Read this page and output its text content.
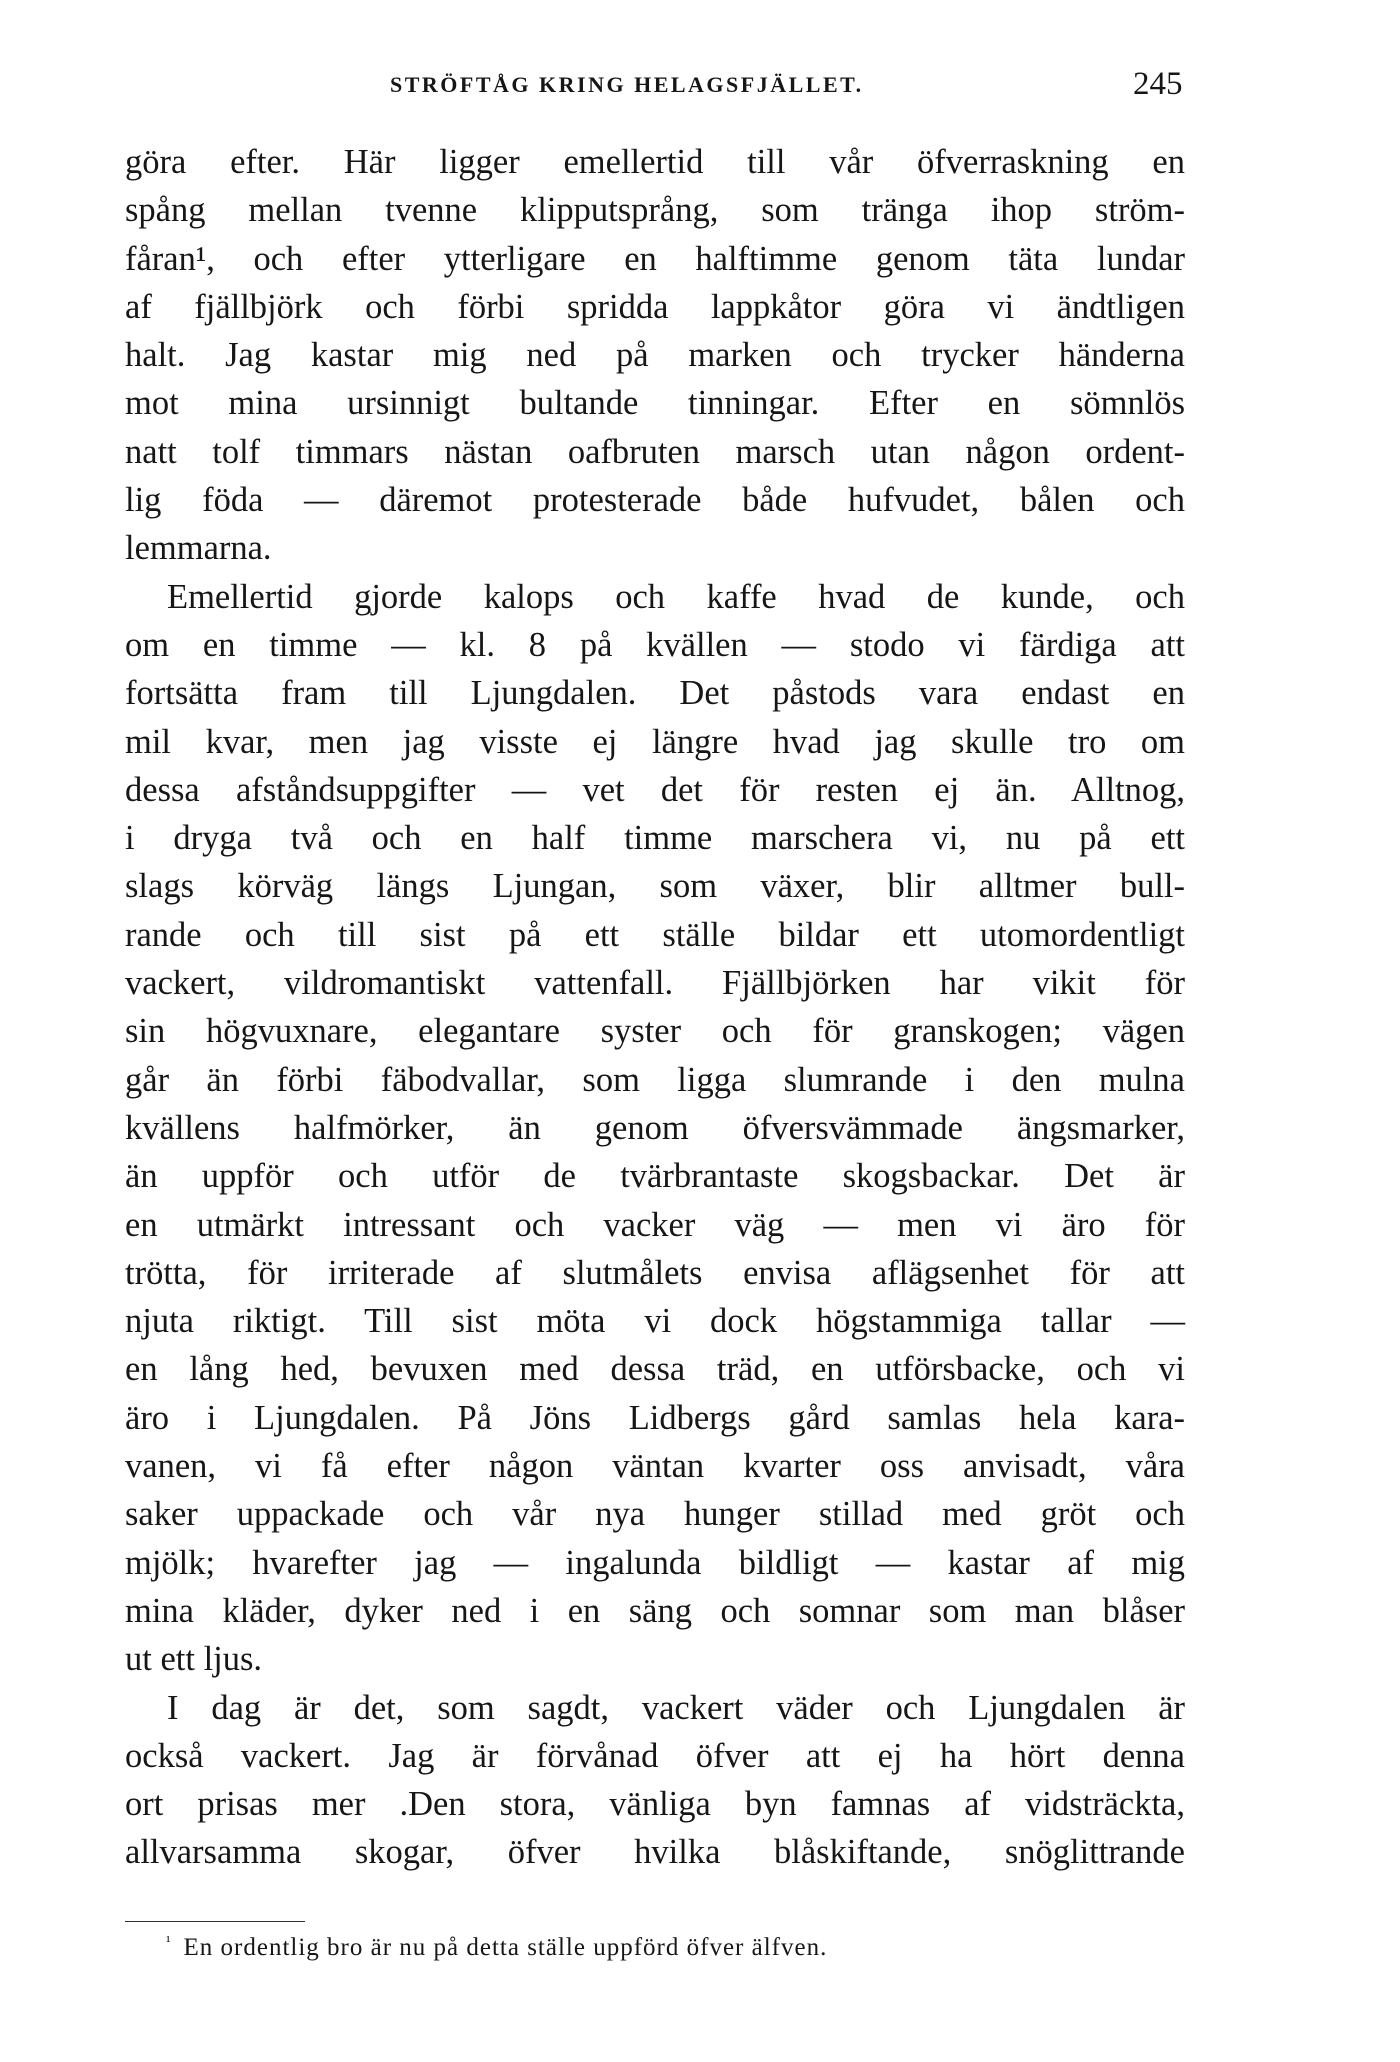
STRÖFTÅG KRING HELAGSFJÄLLET.	245
göra efter. Här ligger emellertid till vår öfverraskning en
spång mellan tvenne klipputsprång, som tränga ihop ström-
fåran¹, och efter ytterligare en halftimme genom täta lundar
af fjällbjörk och förbi spridda lappkåtor göra vi ändtligen
halt. Jag kastar mig ned på marken och trycker händerna
mot mina ursinnigt bultande tinningar. Efter en sömnlös
natt tolf timmars nästan oafbruten marsch utan någon ordent-
lig föda — däremot protesterade både hufvudet, bålen och
lemmarna.
Emellertid gjorde kalops och kaffe hvad de kunde, och
om en timme — kl. 8 på kvällen — stodo vi färdiga att
fortsätta fram till Ljungdalen. Det påstods vara endast en
mil kvar, men jag visste ej längre hvad jag skulle tro om
dessa afståndsuppgifter — vet det för resten ej än. Alltnog,
i dryga två och en half timme marschera vi, nu på ett
slags körväg längs Ljungan, som växer, blir alltmer bull-
rande och till sist på ett ställe bildar ett utomordentligt
vackert, vildromantiskt vattenfall. Fjällbjörken har vikit för
sin högvuxnare, elegantare syster och för granskogen; vägen
går än förbi fäbodvallar, som ligga slumrande i den mulna
kvällens halfmörker, än genom öfversvämmade ängsmarker,
än uppför och utför de tvärbrantaste skogsbackar. Det är
en utmärkt intressant och vacker väg — men vi äro för
trötta, för irriterade af slutmålets envisa aflägsenhet för att
njuta riktigt. Till sist möta vi dock högstammiga tallar —
en lång hed, bevuxen med dessa träd, en utförsbacke, och vi
äro i Ljungdalen. På Jöns Lidbergs gård samlas hela kara-
vanen, vi få efter någon väntan kvarter oss anvisadt, våra
saker uppackade och vår nya hunger stillad med gröt och
mjölk; hvarefter jag — ingalunda bildligt — kastar af mig
mina kläder, dyker ned i en säng och somnar som man blåser
ut ett ljus.
I dag är det, som sagdt, vackert väder och Ljungdalen är
också vackert. Jag är förvånad öfver att ej ha hört denna
ort prisas mer .Den stora, vänliga byn famnas af vidsträckta,
allvarsamma skogar, öfver hvilka blåskiftande, snöglittrande
$^{^1}$ En ordentlig bro är nu på detta ställe uppförd öfver älfven.
